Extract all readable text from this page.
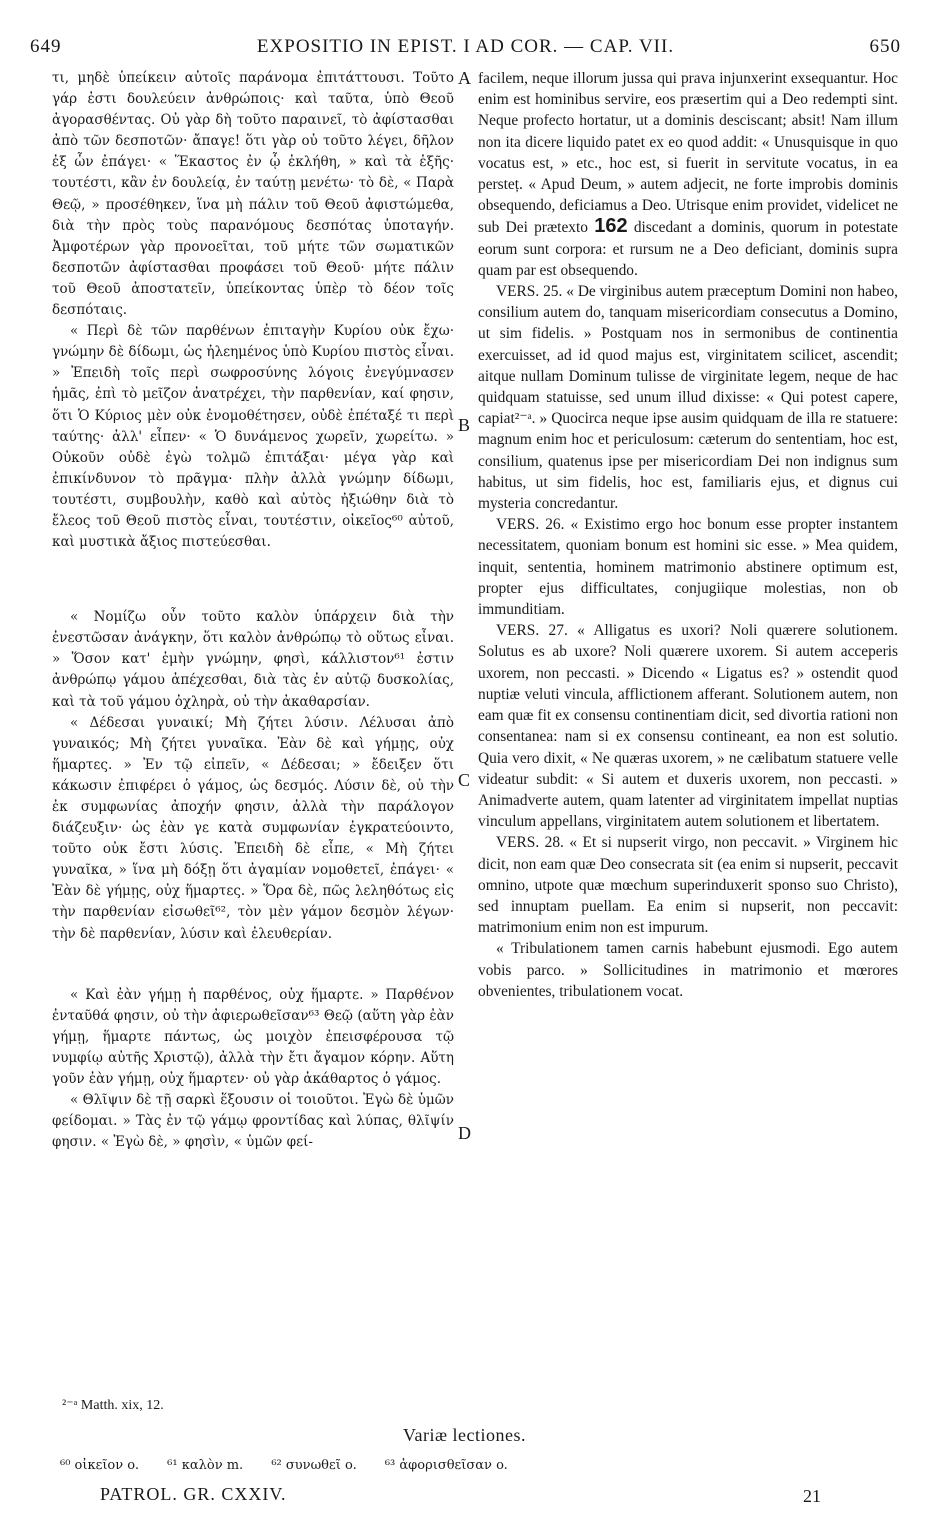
649	EXPOSITIO IN EPIST. I AD COR. — CAP. VII.	650

τι, μηδὲ ὑπείκειν αὐτοῖς παράνομα ἐπιτάττουσι. Τοῦτο γάρ ἐστι δουλεύειν ἀνθρώποις· καὶ ταῦτα, ὑπὸ Θεοῦ ἀγορασθέντας. Οὐ γὰρ δὴ τοῦτο παραινεῖ, τὸ ἀφίστασθαι ἀπὸ τῶν δεσποτῶν· ἄπαγε! ὅτι γὰρ οὐ τοῦτο λέγει, δῆλον ἐξ ὧν ἐπάγει· « Ἕκαστος ἐν ᾧ ἐκλήθη, » καὶ τὰ ἑξῆς· τουτέστι, κἂν ἐν δουλείᾳ, ἐν ταύτῃ μενέτω· τὸ δὲ, « Παρὰ Θεῷ, » προσέθηκεν, ἵνα μὴ πάλιν τοῦ Θεοῦ ἀφιστώμεθα, διὰ τὴν πρὸς τοὺς παρανόμους δεσπότας ὑποταγήν. Ἀμφοτέρων γὰρ προνοεῖται, τοῦ μήτε τῶν σωματικῶν δεσποτῶν ἀφίστασθαι προφάσει τοῦ Θεοῦ· μήτε πάλιν τοῦ Θεοῦ ἀποστατεῖν, ὑπείκοντας ὑπὲρ τὸ δέον τοῖς δεσπόταις.

« Περὶ δὲ τῶν παρθένων ἐπιταγὴν Κυρίου οὐκ ἔχω· γνώμην δὲ δίδωμι, ὡς ἠλεημένος ὑπὸ Κυρίου πιστὸς εἶναι. » Ἐπειδὴ τοῖς περὶ σωφροσύνης λόγοις ἐνεγύμνασεν ἡμᾶς, ἐπὶ τὸ μεῖζον ἀνατρέχει, τὴν παρθενίαν, καί φησιν, ὅτι Ὁ Κύριος μὲν οὐκ ἐνομοθέτησεν, οὐδὲ ἐπέταξέ τι περὶ ταύτης· ἀλλ' εἶπεν· « Ὁ δυνάμενος χωρεῖν, χωρείτω. » Οὐκοῦν οὐδὲ ἐγὼ τολμῶ ἐπιτάξαι· μέγα γὰρ καὶ ἐπικίνδυνον τὸ πρᾶγμα· πλὴν ἀλλὰ γνώμην δίδωμι, τουτέστι, συμβουλὴν, καθὸ καὶ αὐτὸς ἠξιώθην διὰ τὸ ἔλεος τοῦ Θεοῦ πιστὸς εἶναι, τουτέστιν, οἰκεῖος⁶⁰ αὐτοῦ, καὶ μυστικὰ ἄξιος πιστεύεσθαι.

« Νομίζω οὖν τοῦτο καλὸν ὑπάρχειν διὰ τὴν ἐνεστῶσαν ἀνάγκην, ὅτι καλὸν ἀνθρώπῳ τὸ οὕτως εἶναι. » Ὅσον κατ' ἐμὴν γνώμην, φησὶ, κάλλιστον⁶¹ ἐστιν ἀνθρώπῳ γάμου ἀπέχεσθαι, διὰ τὰς ἐν αὐτῷ δυσκολίας, καὶ τὰ τοῦ γάμου ὀχληρὰ, οὐ τὴν ἀκαθαρσίαν.

« Δέδεσαι γυναικί; Μὴ ζήτει λύσιν. Λέλυσαι ἀπὸ γυναικός; Μὴ ζήτει γυναῖκα. Ἐὰν δὲ καὶ γήμῃς, οὐχ ἥμαρτες. » Ἐν τῷ εἰπεῖν, « Δέδεσαι; » ἔδειξεν ὅτι κάκωσιν ἐπιφέρει ὁ γάμος, ὡς δεσμός. Λύσιν δὲ, οὐ τὴν ἐκ συμφωνίας ἀποχήν φησιν, ἀλλὰ τὴν παράλογον διάζευξιν· ὡς ἐὰν γε κατὰ συμφωνίαν ἐγκρατεύοιντο, τοῦτο οὐκ ἔστι λύσις. Ἐπειδὴ δὲ εἶπε, « Μὴ ζήτει γυναῖκα, » ἵνα μὴ δόξῃ ὅτι ἀγαμίαν νομοθετεῖ, ἐπάγει· « Ἐὰν δὲ γήμῃς, οὐχ ἥμαρτες. » Ὅρα δὲ, πῶς λεληθότως εἰς τὴν παρθενίαν εἰσωθεῖ⁶², τὸν μὲν γάμον δεσμὸν λέγων· τὴν δὲ παρθενίαν, λύσιν καὶ ἐλευθερίαν.

« Καὶ ἐὰν γήμῃ ἡ παρθένος, οὐχ ἥμαρτε. » Παρθένον ἐνταῦθά φησιν, οὐ τὴν ἀφιερωθεῖσαν⁶³ Θεῷ (αὕτη γὰρ ἐὰν γήμῃ, ἥμαρτε πάντως, ὡς μοιχὸν ἐπεισφέρουσα τῷ νυμφίῳ αὐτῆς Χριστῷ), ἀλλὰ τὴν ἔτι ἄγαμον κόρην. Αὕτη γοῦν ἐὰν γήμῃ, οὐχ ἥμαρτεν· οὐ γὰρ ἀκάθαρτος ὁ γάμος.

« Θλῖψιν δὲ τῇ σαρκὶ ἕξουσιν οἱ τοιοῦτοι. Ἐγὼ δὲ ὑμῶν φείδομαι. » Τὰς ἐν τῷ γάμῳ φροντίδας καὶ λύπας, θλῖψίν φησιν. « Ἐγὼ δὲ, » φησὶν, « ὑμῶν φεί-

facilem, neque illorum jussa qui prava injunxerint exsequantur. Hoc enim est hominibus servire, eos præsertim qui a Deo redempti sint. Neque profecto hortatur, ut a dominis desciscant; absit! Nam illum non ita dicere liquido patet ex eo quod addit: « Unusquisque in quo vocatus est, » etc., hoc est, si fuerit in servitute vocatus, in ea persteț. « Apud Deum, » autem adjecit, ne forte improbis dominis obsequendo, deficiamus a Deo. Utrisque enim providet, videlicet ne sub Dei prætexto 162 discedant a dominis, quorum in potestate eorum sunt corpora: et rursum ne a Deo deficiant, dominis supra quam par est obsequendo.

VERS. 25. « De virginibus autem præceptum Domini non habeo, consilium autem do, tanquam misericordiam consecutus a Domino, ut sim fidelis. » Postquam nos in sermonibus de continentia exercuisset, ad id quod majus est, virginitatem scilicet, ascendit; aitque nullam Dominum tulisse de virginitate legem, neque de hac quidquam statuisse, sed unum illud dixisse: « Qui potest capere, capiat²⁻ᵃ. » Quocirca neque ipse ausim quidquam de illa re statuere: magnum enim hoc et periculosum: cæterum do sententiam, hoc est, consilium, quatenus ipse per misericordiam Dei non indignus sum habitus, ut sim fidelis, hoc est, familiaris ejus, et dignus cui mysteria concredantur.

VERS. 26. « Existimo ergo hoc bonum esse propter instantem necessitatem, quoniam bonum est homini sic esse. » Mea quidem, inquit, sententia, hominem matrimonio abstinere optimum est, propter ejus difficultates, conjugiique molestias, non ob immunditiam.

VERS. 27. « Alligatus es uxori? Noli quærere solutionem. Solutus es ab uxore? Noli quærere uxorem. Si autem acceperis uxorem, non peccasti. » Dicendo « Ligatus es? » ostendit quod nuptiæ veluti vincula, afflictionem afferant. Solutionem autem, non eam quæ fit ex consensu continentiam dicit, sed divortia rationi non consentanea: nam si ex consensu contineant, ea non est solutio. Quia vero dixit, « Ne quæras uxorem, » ne cælibatum statuere velle videatur subdit: « Si autem et duxeris uxorem, non peccasti. » Animadverte autem, quam latenter ad virginitatem impellat nuptias vinculum appellans, virginitatem autem solutionem et libertatem.

VERS. 28. « Et si nupserit virgo, non peccavit. » Virginem hic dicit, non eam quæ Deo consecrata sit (ea enim si nupserit, peccavit omnino, utpote quæ mœchum superinduxerit sponso suo Christo), sed innuptam puellam. Ea enim si nupserit, non peccavit: matrimonium enim non est impurum.

« Tribulationem tamen carnis habebunt ejusmodi. Ego autem vobis parco. » Sollicitudines in matrimonio et mœrores obvenientes, tribulationem vocat.

A
B
C
D
²⁻ᵃ Matth. xix, 12.
Variæ lectiones.
⁶⁰ οἰκεῖον o. ⁶¹ καλὸν m. ⁶² συνωθεῖ o. ⁶³ ἀφορισθεῖσαν o.
PATROL. GR. CXXIV.	21
